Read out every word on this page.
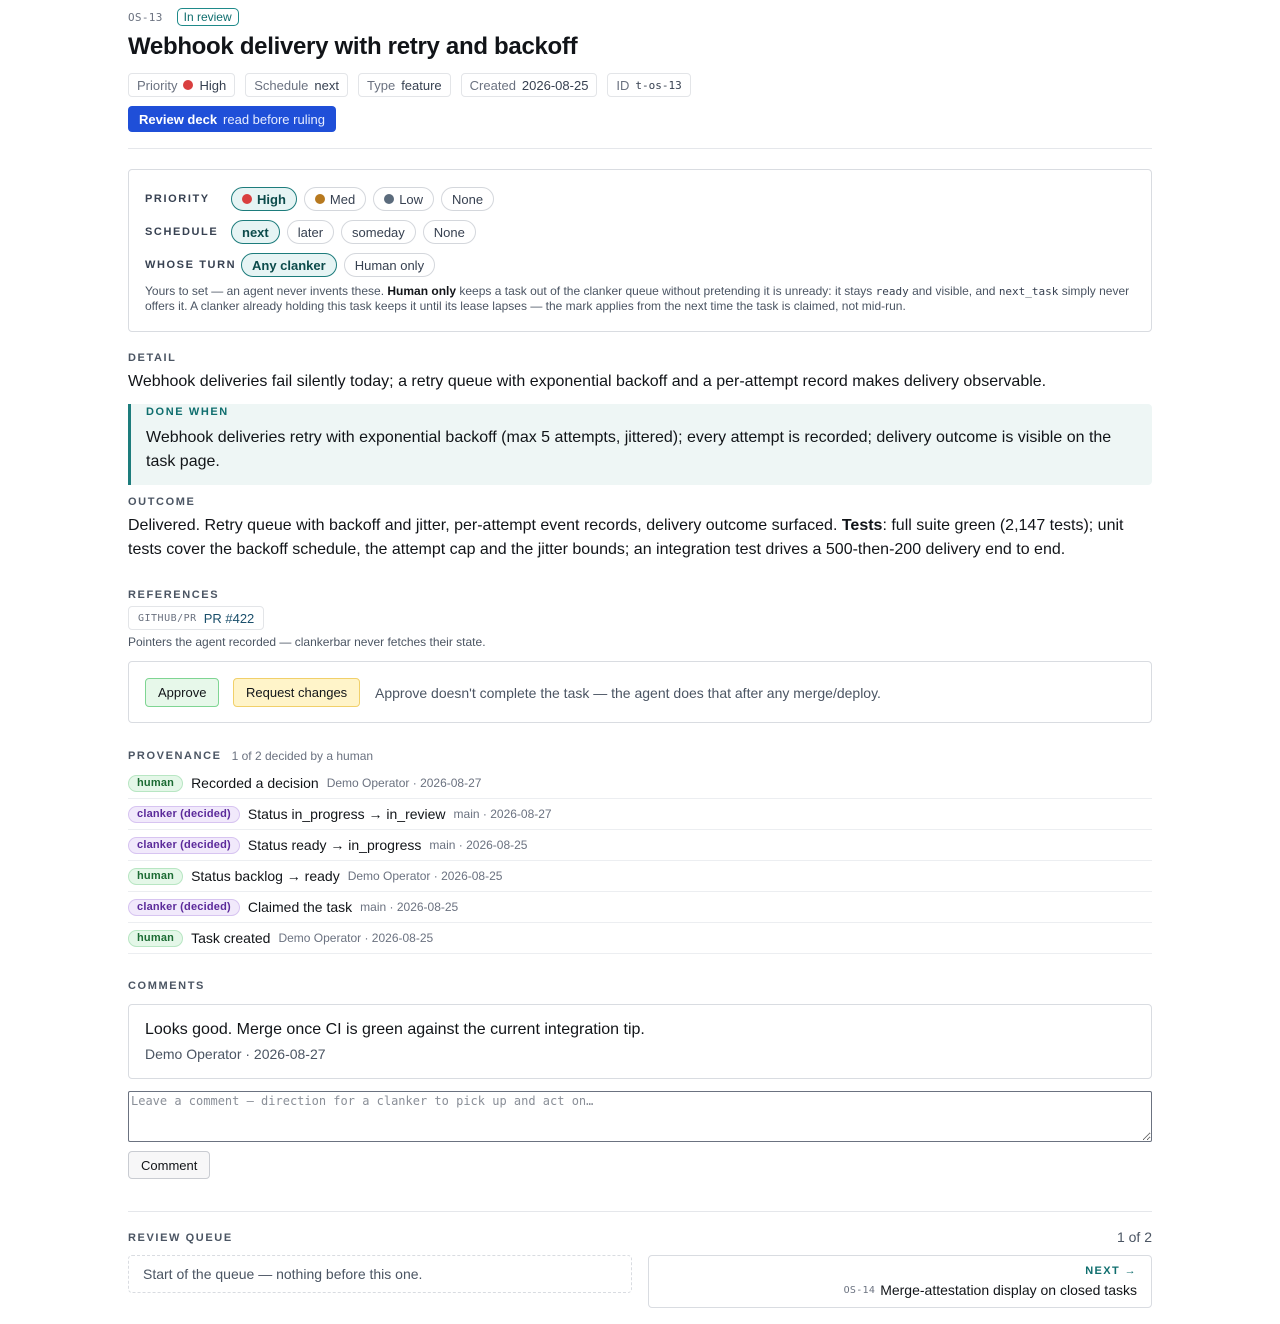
OS-13	In review
Webhook delivery with retry and backoff
Priority High Schedule next Type feature Created 2026-08-25 ID t-os-13
Review deck read before ruling
PRIORITY	High	Med	Low None
SCHEDULE	next later someday None
WHOSE TURN	Any clanker Human only

Yours to set — an agent never invents these. Human only keeps a task out of the clanker queue without pretending it is unready: it stays ready and visible, and next_task simply never offers it. A clanker already holding this task keeps it until its lease lapses — the mark applies from the next time the task is claimed, not mid-run.

DETAIL

Webhook deliveries fail silently today; a retry queue with exponential backoff and a per-attempt record makes delivery observable.

DONE WHEN

Webhook deliveries retry with exponential backoff (max 5 attempts, jittered); every attempt is recorded; delivery outcome is visible on the task page.

OUTCOME

Delivered. Retry queue with backoff and jitter, per-attempt event records, delivery outcome surfaced. Tests: full suite green (2,147 tests); unit tests cover the backoff schedule, the attempt cap and the jitter bounds; an integration test drives a 500-then-200 delivery end to end.

REFERENCES
GITHUB/PR PR #422
Pointers the agent recorded — clankerbar never fetches their state.
Approve	Request changes	Approve doesn't complete the task — the agent does that after any merge/deploy.
PROVENANCE 1 of 2 decided by a human
human	Recorded a decision Demo Operator · 2026-08-27
clanker (decided)	Status in_progress → in_review main · 2026-08-27
clanker (decided)	Status ready → in_progress main · 2026-08-25
human	Status backlog → ready Demo Operator · 2026-08-25
clanker (decided)	Claimed the task main · 2026-08-25
human	Task created Demo Operator · 2026-08-25
COMMENTS
Looks good. Merge once CI is green against the current integration tip.
Demo Operator · 2026-08-27
Leave a comment — direction for a clanker to pick up and act on…
Comment
REVIEW QUEUE	1 of 2
Start of the queue — nothing before this one.	NEXT →
OS-14 Merge-attestation display on closed tasks
